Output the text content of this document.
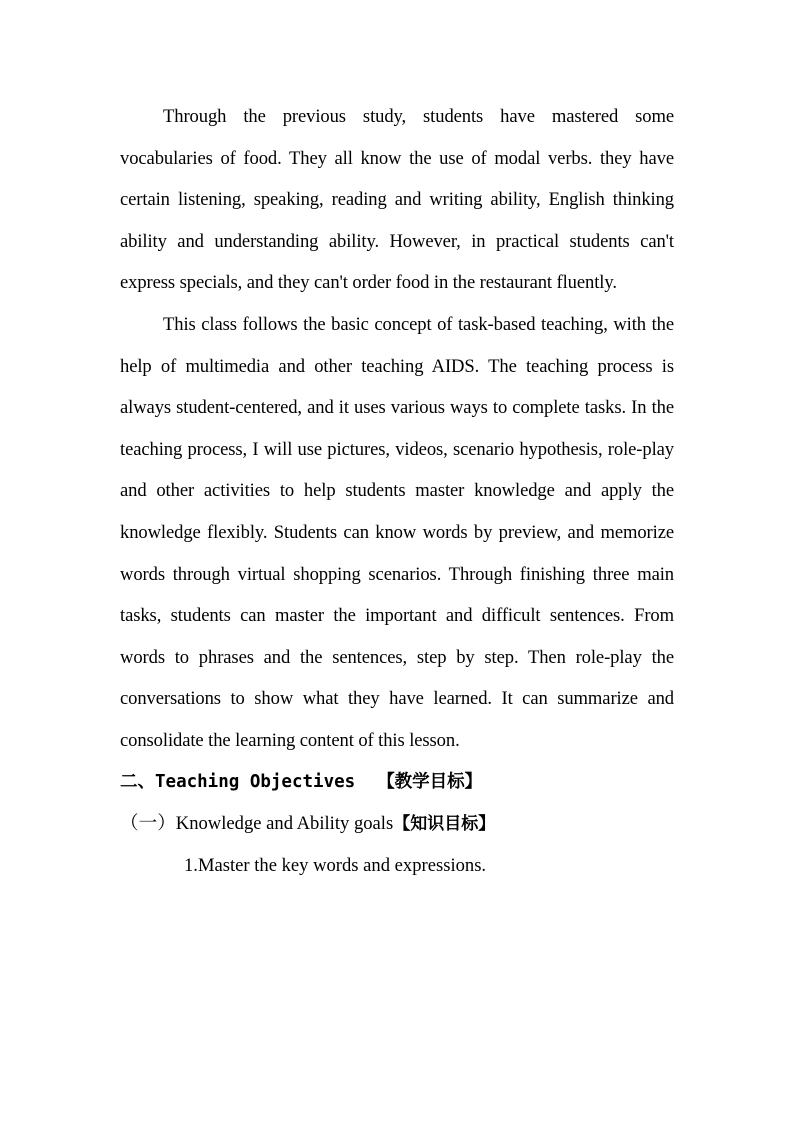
Through the previous study, students have mastered some vocabularies of food. They all know the use of modal verbs. they have certain listening, speaking, reading and writing ability, English thinking ability and understanding ability. However, in practical students can't express specials, and they can't order food in the restaurant fluently.

This class follows the basic concept of task-based teaching, with the help of multimedia and other teaching AIDS. The teaching process is always student-centered, and it uses various ways to complete tasks. In the teaching process, I will use pictures, videos, scenario hypothesis, role-play and other activities to help students master knowledge and apply the knowledge flexibly. Students can know words by preview, and memorize words through virtual shopping scenarios. Through finishing three main tasks, students can master the important and difficult sentences. From words to phrases and the sentences, step by step. Then role-play the conversations to show what they have learned. It can summarize and consolidate the learning content of this lesson.

二、Teaching Objectives 【教学目标】
（一）Knowledge and Ability goals【知识目标】
1.Master the key words and expressions.
